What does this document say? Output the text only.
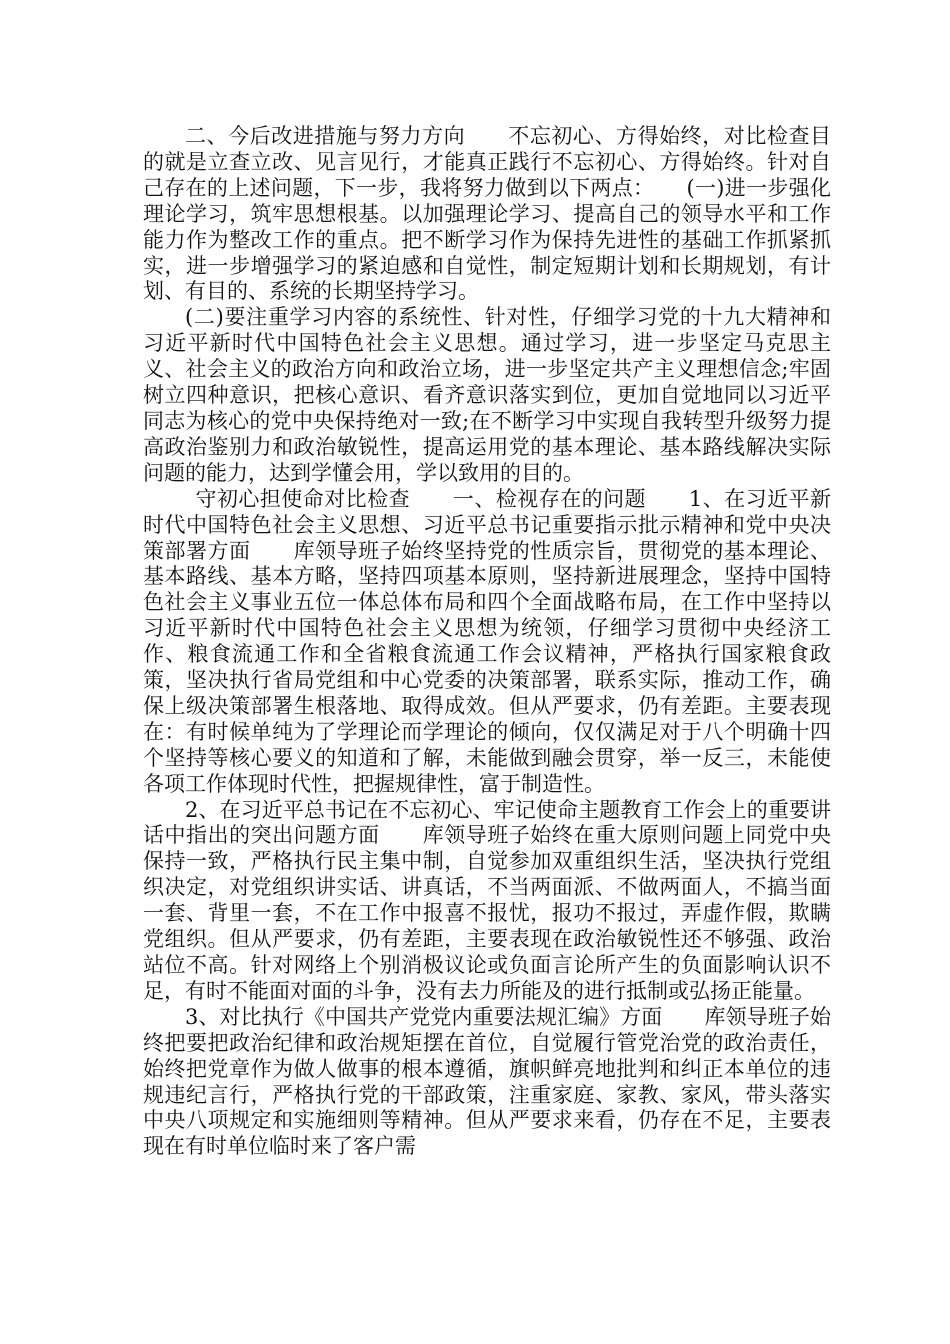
二、今后改进措施与努力方向　　不忘初心、方得始终，对比检查目的就是立查立改、见言见行，才能真正践行不忘初心、方得始终。针对自己存在的上述问题，下一步，我将努力做到以下两点：　　(一)进一步强化理论学习，筑牢思想根基。以加强理论学习、提高自己的领导水平和工作能力作为整改工作的重点。把不断学习作为保持先进性的基础工作抓紧抓实，进一步增强学习的紧迫感和自觉性，制定短期计划和长期规划，有计划、有目的、系统的长期坚持学习。

(二)要注重学习内容的系统性、针对性，仔细学习党的十九大精神和习近平新时代中国特色社会主义思想。通过学习，进一步坚定马克思主义、社会主义的政治方向和政治立场，进一步坚定共产主义理想信念;牢固树立四种意识，把核心意识、看齐意识落实到位，更加自觉地同以习近平同志为核心的党中央保持绝对一致;在不断学习中实现自我转型升级努力提高政治鉴别力和政治敏锐性，提高运用党的基本理论、基本路线解决实际问题的能力，达到学懂会用，学以致用的目的。

守初心担使命对比检查　　一、检视存在的问题　　1、在习近平新时代中国特色社会主义思想、习近平总书记重要指示批示精神和党中央决策部署方面　　库领导班子始终坚持党的性质宗旨，贯彻党的基本理论、基本路线、基本方略，坚持四项基本原则，坚持新进展理念，坚持中国特色社会主义事业五位一体总体布局和四个全面战略布局，在工作中坚持以习近平新时代中国特色社会主义思想为统领，仔细学习贯彻中央经济工作、粮食流通工作和全省粮食流通工作会议精神，严格执行国家粮食政策，坚决执行省局党组和中心党委的决策部署，联系实际，推动工作，确保上级决策部署生根落地、取得成效。但从严要求，仍有差距。主要表现在：有时候单纯为了学理论而学理论的倾向，仅仅满足对于八个明确十四个坚持等核心要义的知道和了解，未能做到融会贯穿，举一反三，未能使各项工作体现时代性，把握规律性，富于制造性。

2、在习近平总书记在不忘初心、牢记使命主题教育工作会上的重要讲话中指出的突出问题方面　　库领导班子始终在重大原则问题上同党中央保持一致，严格执行民主集中制，自觉参加双重组织生活，坚决执行党组织决定，对党组织讲实话、讲真话，不当两面派、不做两面人，不搞当面一套、背里一套，不在工作中报喜不报忧，报功不报过，弄虚作假，欺瞒党组织。但从严要求，仍有差距，主要表现在政治敏锐性还不够强、政治站位不高。针对网络上个别消极议论或负面言论所产生的负面影响认识不足，有时不能面对面的斗争，没有去力所能及的进行抵制或弘扬正能量。

3、对比执行《中国共产党党内重要法规汇编》方面　　库领导班子始终把要把政治纪律和政治规矩摆在首位，自觉履行管党治党的政治责任，始终把党章作为做人做事的根本遵循，旗帜鲜亮地批判和纠正本单位的违规违纪言行，严格执行党的干部政策，注重家庭、家教、家风，带头落实中央八项规定和实施细则等精神。但从严要求来看，仍存在不足，主要表现在有时单位临时来了客户需
